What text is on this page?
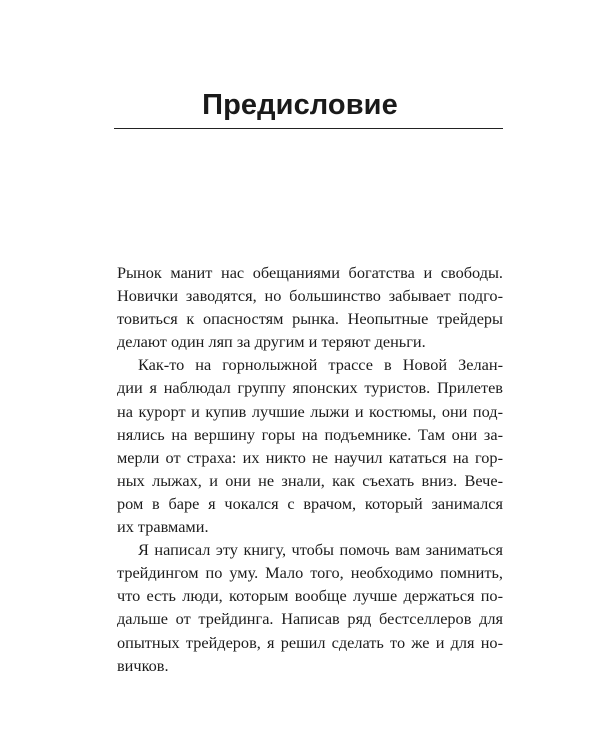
Предисловие
Рынок манит нас обещаниями богатства и свободы.
Новички заводятся, но большинство забывает подго-
товиться к опасностям рынка. Неопытные трейдеры
делают один ляп за другим и теряют деньги.
Как-то на горнолыжной трассе в Новой Зелан-
дии я наблюдал группу японских туристов. Прилетев
на курорт и купив лучшие лыжи и костюмы, они под-
нялись на вершину горы на подъемнике. Там они за-
мерли от страха: их никто не научил кататься на гор-
ных лыжах, и они не знали, как съехать вниз. Вече-
ром в баре я чокался с врачом, который занимался
их травмами.
Я написал эту книгу, чтобы помочь вам заниматься
трейдингом по уму. Мало того, необходимо помнить,
что есть люди, которым вообще лучше держаться по-
дальше от трейдинга. Написав ряд бестселлеров для
опытных трейдеров, я решил сделать то же и для но-
вичков.
